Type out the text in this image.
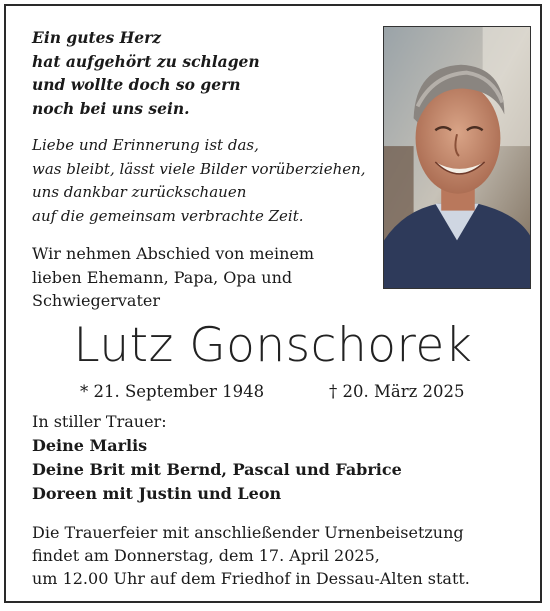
Ein gutes Herz
hat aufgehört zu schlagen
und wollte doch so gern
noch bei uns sein.
Liebe und Erinnerung ist das,
was bleibt, lässt viele Bilder vorüberziehen,
uns dankbar zurückschauen
auf die gemeinsam verbrachte Zeit.
Wir nehmen Abschied von meinem
lieben Ehemann, Papa, Opa und
Schwiegervater
Lutz Gonschorek
* 21. September 1948	† 20. März 2025
In stiller Trauer:
Deine Marlis
Deine Brit mit Bernd, Pascal und Fabrice
Doreen mit Justin und Leon
Die Trauerfeier mit anschließender Urnenbeisetzung
findet am Donnerstag, dem 17. April 2025,
um 12.00 Uhr auf dem Friedhof in Dessau-Alten statt.
